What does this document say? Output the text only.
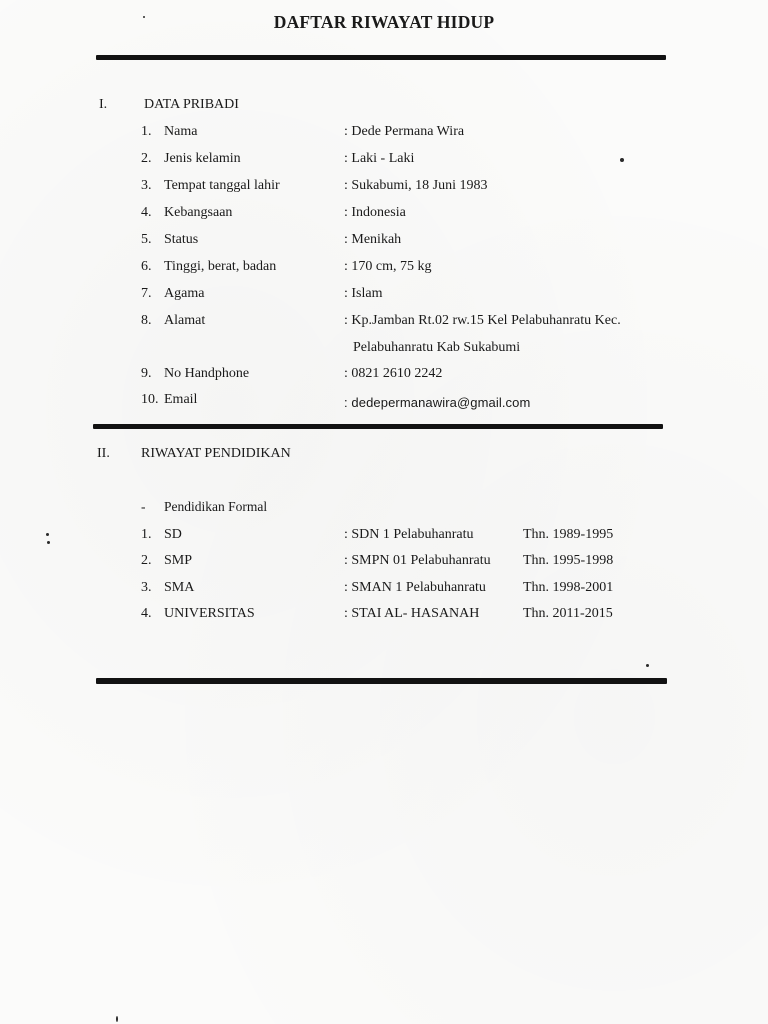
DAFTAR RIWAYAT HIDUP
I.	DATA PRIBADI
1. Nama	: Dede Permana Wira
2. Jenis kelamin	: Laki - Laki
3. Tempat tanggal lahir	: Sukabumi, 18 Juni 1983
4. Kebangsaan	: Indonesia
5. Status	: Menikah
6. Tinggi, berat, badan	: 170 cm, 75 kg
7. Agama	: Islam
8. Alamat	: Kp.Jamban Rt.02 rw.15 Kel Pelabuhanratu Kec.
Pelabuhanratu Kab Sukabumi
9. No Handphone	: 0821 2610 2242
10. Email	: dedepermanawira@gmail.com
II. RIWAYAT PENDIDIKAN
- Pendidikan Formal
1. SD	: SDN 1 Pelabuhanratu	Thn. 1989-1995
2. SMP	: SMPN 01 Pelabuhanratu Thn. 1995-1998
3. SMA	: SMAN 1 Pelabuhanratu	Thn. 1998-2001
4. UNIVERSITAS	: STAI AL- HASANAH	Thn. 2011-2015
